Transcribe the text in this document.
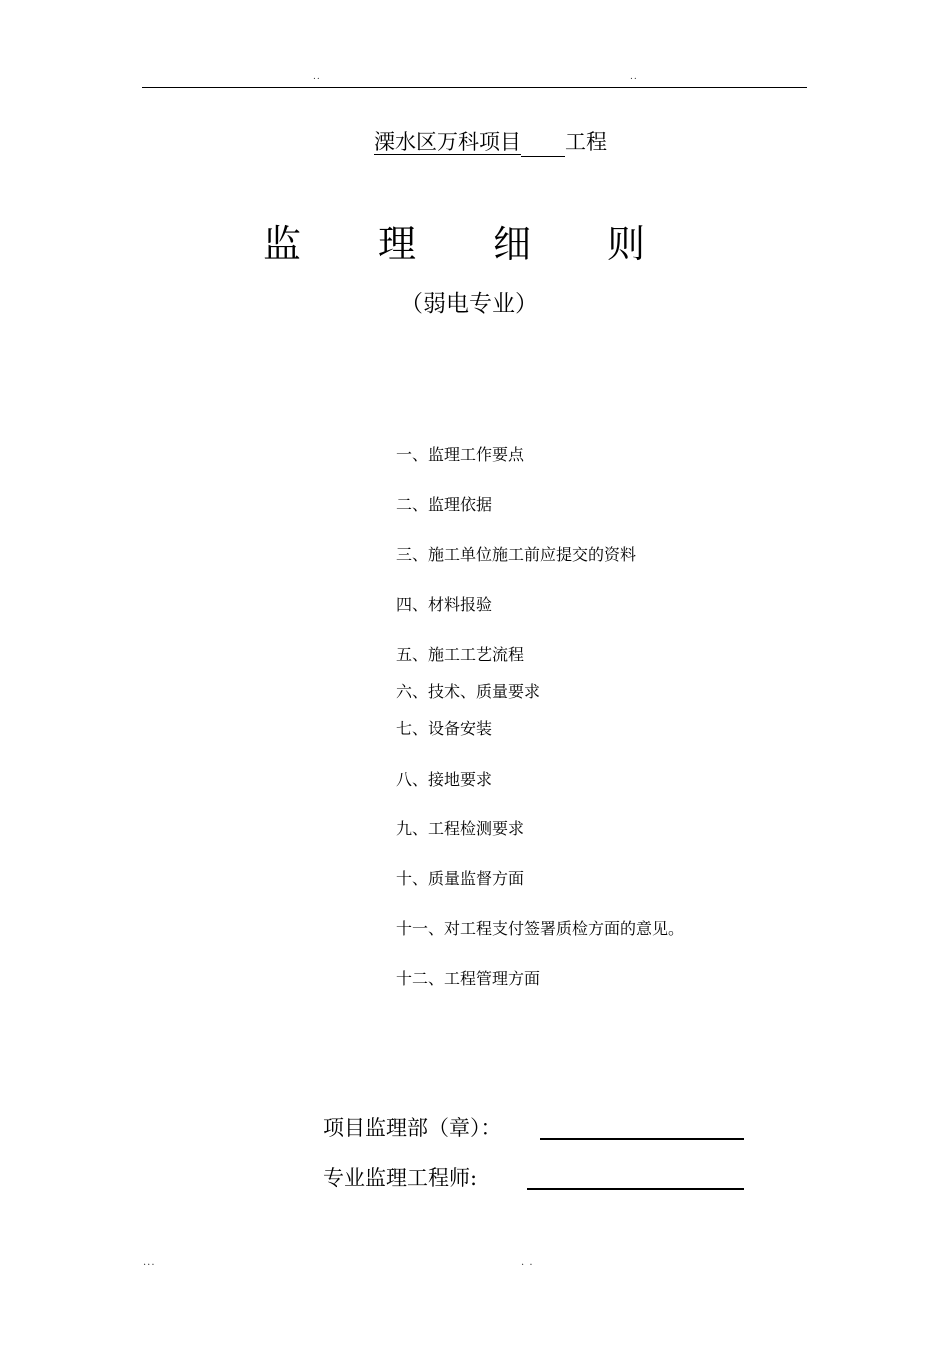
..	..
溧水区万科项目 工程
监 理 细 则
（弱电专业）
一、监理工作要点
二、监理依据
三、施工单位施工前应提交的资料
四、材料报验
五、施工工艺流程
六、技术、质量要求
七、设备安装
八、接地要求
九、工程检测要求
十、质量监督方面
十一、对工程支付签署质检方面的意见。
十二、工程管理方面
项目监理部（章）：
专业监理工程师:
...	. .
